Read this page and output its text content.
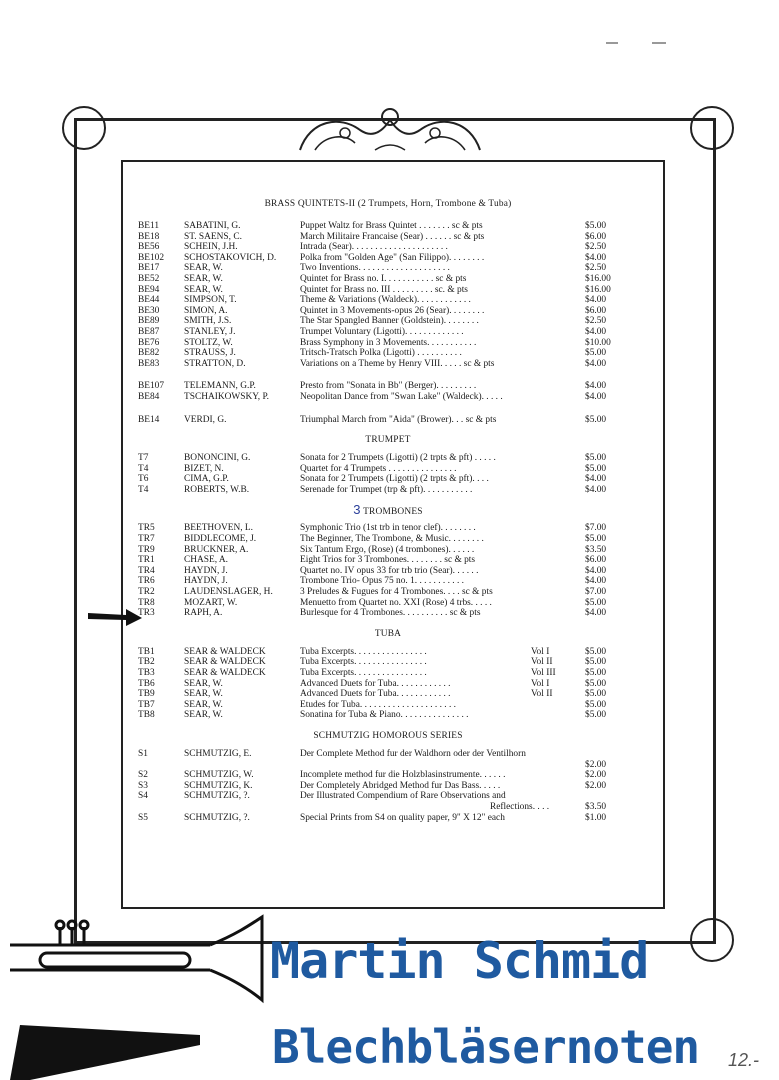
BRASS QUINTETS-II (2 Trumpets, Horn, Trombone & Tuba)
BE11	SABATINI, G.	Puppet Waltz for Brass Quintet . . . . . . . sc & pts	$5.00
BE18	ST. SAENS, C.	March Militaire Francaise (Sear) . . . . . . sc & pts	$6.00
BE56	SCHEIN, J.H.	Intrada (Sear). . . . . . . . . . . . . . . . . . . . .	$2.50
BE102 SCHOSTAKOVICH, D.	Polka from "Golden Age" (San Filippo). . . . . . . .	$4.00
BE17	SEAR, W.	Two Inventions. . . . . . . . . . . . . . . . . . . .	$2.50
BE52	SEAR, W.	Quintet for Brass no. I. . . . . . . . . . . sc & pts	$16.00
BE94	SEAR, W.	Quintet for Brass no. III . . . . . . . . . sc. & pts	$16.00
BE44	SIMPSON, T.	Theme & Variations (Waldeck). . . . . . . . . . . .	$4.00
BE30	SIMON, A.	Quintet in 3 Movements-opus 26 (Sear). . . . . . . .	$6.00
BE89	SMITH, J.S.	The Star Spangled Banner (Goldstein). . . . . . . .	$2.50
BE87	STANLEY, J.	Trumpet Voluntary (Ligotti). . . . . . . . . . . . .	$4.00
BE76	STOLTZ, W.	Brass Symphony in 3 Movements. . . . . . . . . . .	$10.00
BE82	STRAUSS, J.	Tritsch-Tratsch Polka (Ligotti) . . . . . . . . . .	$5.00
BE83	STRATTON, D.	Variations on a Theme by Henry VIII. . . . . sc & pts	$4.00
BE107 TELEMANN, G.P.	Presto from "Sonata in Bb" (Berger). . . . . . . . .	$4.00
BE84	TSCHAIKOWSKY, P.	Neopolitan Dance from "Swan Lake" (Waldeck). . . . .	$4.00
BE14	VERDI, G.	Triumphal March from "Aida" (Brower). . . sc & pts	$5.00
TRUMPET
T7	BONONCINI, G.	Sonata for 2 Trumpets (Ligotti) (2 trpts & pft) . . . . .	$5.00
T4	BIZET, N.	Quartet for 4 Trumpets . . . . . . . . . . . . . . .	$5.00
T6	CIMA, G.P.	Sonata for 2 Trumpets (Ligotti) (2 trpts & pft). . . .	$4.00
T4	ROBERTS, W.B.	Serenade for Trumpet (trp & pft). . . . . . . . . . .	$4.00
3 TROMBONES
TR5	BEETHOVEN, L.	Symphonic Trio (1st trb in tenor clef). . . . . . . .	$7.00
TR7	BIDDLECOME, J.	The Beginner, The Trombone, & Music. . . . . . . .	$5.00
TR9	BRUCKNER, A.	Six Tantum Ergo, (Rose) (4 trombones). . . . . .	$3.50
TR1	CHASE, A.	Eight Trios for 3 Trombones. . . . . . . . sc & pts	$6.00
TR4	HAYDN, J.	Quartet no. IV opus 33 for trb trio (Sear). . . . . .	$4.00
TR6	HAYDN, J.	Trombone Trio- Opus 75 no. 1. . . . . . . . . . .	$4.00
TR2	LAUDENSLAGER, H.	3 Preludes & Fugues for 4 Trombones. . . . sc & pts	$7.00
TR8	MOZART, W.	Menuetto from Quartet no. XXI (Rose) 4 trbs. . . . .	$5.00
TR3	RAPH, A.	Burlesque for 4 Trombones. . . . . . . . . . sc & pts	$4.00
TUBA
TB1	SEAR & WALDECK	Tuba Excerpts. . . . . . . . . . . . . . . .	Vol I	$5.00
TB2	SEAR & WALDECK	Tuba Excerpts. . . . . . . . . . . . . . . .	Vol II	$5.00
TB3	SEAR & WALDECK	Tuba Excerpts. . . . . . . . . . . . . . . .	Vol III	$5.00
TB6	SEAR, W.	Advanced Duets for Tuba. . . . . . . . . . . .	Vol I	$5.00
TB9	SEAR, W.	Advanced Duets for Tuba. . . . . . . . . . . .	Vol II	$5.00
TB7	SEAR, W.	Etudes for Tuba. . . . . . . . . . . . . . . . . . . . .	$5.00
TB8	SEAR, W.	Sonatina for Tuba & Piano. . . . . . . . . . . . . . .	$5.00
SCHMUTZIG HOMOROUS SERIES
S1	SCHMUTZIG, E.	Der Complete Method fur der Waldhorn oder der Ventilhorn
$2.00
S2	SCHMUTZIG, W.	Incomplete method fur die Holzblasinstrumente. . . . . .	$2.00
S3	SCHMUTZIG, K.	Der Completely Abridged Method fur Das Bass. . . . .	$2.00
S4	SCHMUTZIG, ?.	Der Illustrated Compendium of Rare Observations and
Reflections. . . .	$3.50
S5	SCHMUTZIG, ?.	Special Prints from S4 on quality paper, 9" X 12" each	$1.00
Martin Schmid
Blechbläsernoten 12.-
